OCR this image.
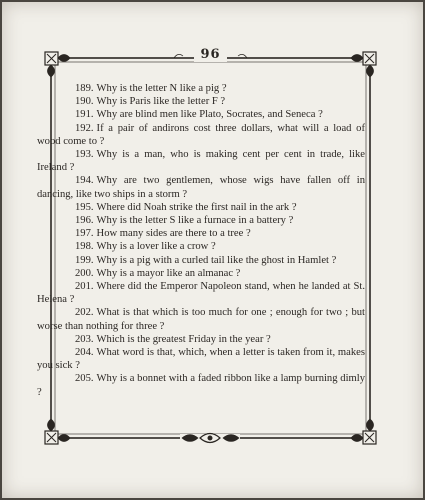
96
189. Why is the letter N like a pig ?
190. Why is Paris like the letter F ?
191. Why are blind men like Plato, Socrates, and Seneca ?
192. If a pair of andirons cost three dollars, what will a load of wood come to ?
193. Why is a man, who is making cent per cent in trade, like Ireland ?
194. Why are two gentlemen, whose wigs have fallen off in dancing, like two ships in a storm ?
195. Where did Noah strike the first nail in the ark ?
196. Why is the letter S like a furnace in a battery ?
197. How many sides are there to a tree ?
198. Why is a lover like a crow ?
199. Why is a pig with a curled tail like the ghost in Hamlet ?
200. Why is a mayor like an almanac ?
201. Where did the Emperor Napoleon stand, when he landed at St. Helena ?
202. What is that which is too much for one ; enough for two ; but worse than nothing for three ?
203. Which is the greatest Friday in the year ?
204. What word is that, which, when a letter is taken from it, makes you sick ?
205. Why is a bonnet with a faded ribbon like a lamp burning dimly ?
